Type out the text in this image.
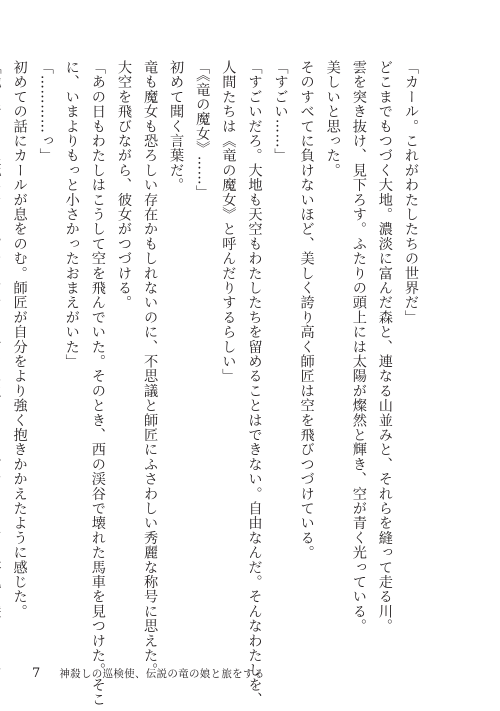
「カール。これがわたしたちの世界だ」
どこまでもつづく大地。濃淡に富んだ森と、連なる山並みと、それらを縫って走る川。
雲を突き抜け、見下ろす。ふたりの頭上には太陽が燦然と輝き、空が青く光っている。
美しいと思った。
そのすべてに負けないほど、美しく誇り高く師匠は空を飛びつづけている。
「すごい……」
「すごいだろ。大地も天空もわたしたちを留めることはできない。自由なんだ。そんなわたしを、
人間たちは《竜の魔女》と呼んだりするらしい」
「《竜の魔女》……」
初めて聞く言葉だ。
竜も魔女も恐ろしい存在かもしれないのに、不思議と師匠にふさわしい秀麗な称号に思えた。
大空を飛びながら、彼女がつづける。
「あの日もわたしはこうして空を飛んでいた。そのとき、西の渓谷で壊れた馬車を見つけた。そこ
に、いまよりもっと小さかったおまえがいた」
「…………っ」
初めての話にカールが息をのむ。師匠が自分をより強く抱きかかえたように感じた。
7 神殺しの巡検使、伝説の竜の娘と旅をする
